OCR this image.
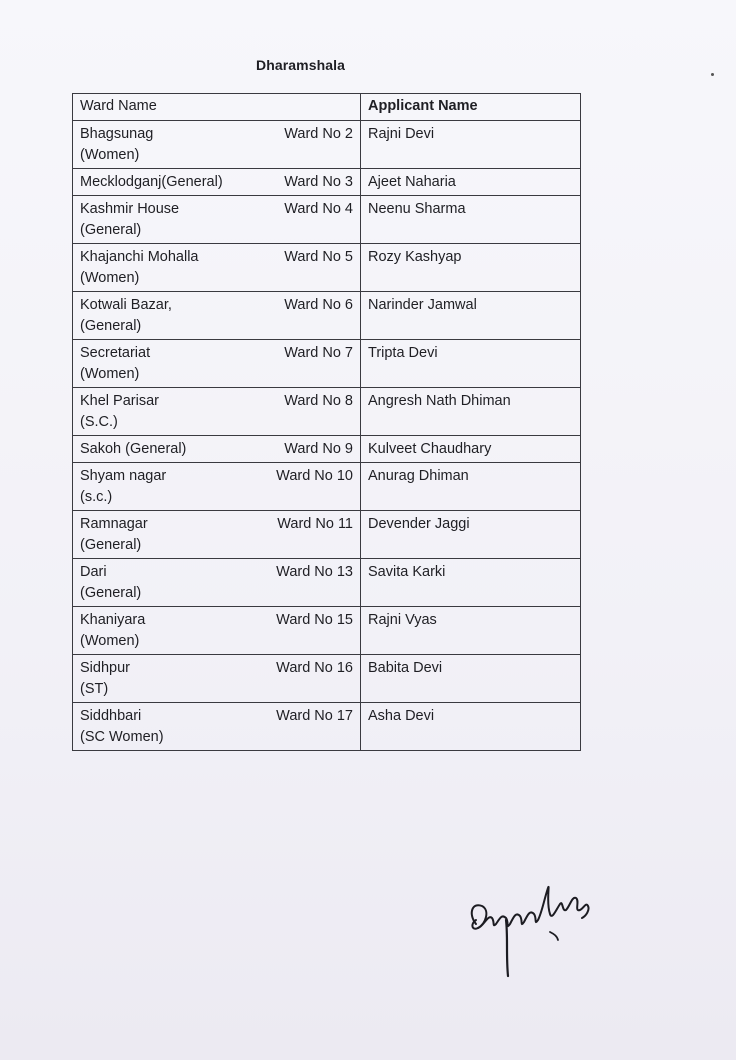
Dharamshala
Ward Name	Applicant Name

Bhagsunag
(Women)
Ward No 2	Rajni Devi

Mecklodganj(General) Ward No 3	Ajeet Naharia

Kashmir House
(General)
Ward No 4	Neenu Sharma

Khajanchi Mohalla
(Women)
Ward No 5	Rozy Kashyap

Kotwali Bazar,
(General)
Ward No 6	Narinder Jamwal

Secretariat
(Women)
Ward No 7	Tripta Devi

Khel Parisar
(S.C.)
Ward No 8	Angresh Nath Dhiman

Sakoh (General) Ward No 9	Kulveet Chaudhary

Shyam nagar
(s.c.)
Ward No 10	Anurag Dhiman

Ramnagar
(General)
Ward No 11	Devender Jaggi

Dari
(General)
Ward No 13	Savita Karki

Khaniyara
(Women)
Ward No 15	Rajni Vyas

Sidhpur
(ST)
Ward No 16	Babita Devi

Siddhbari
(SC Women)
Ward No 17	Asha Devi
